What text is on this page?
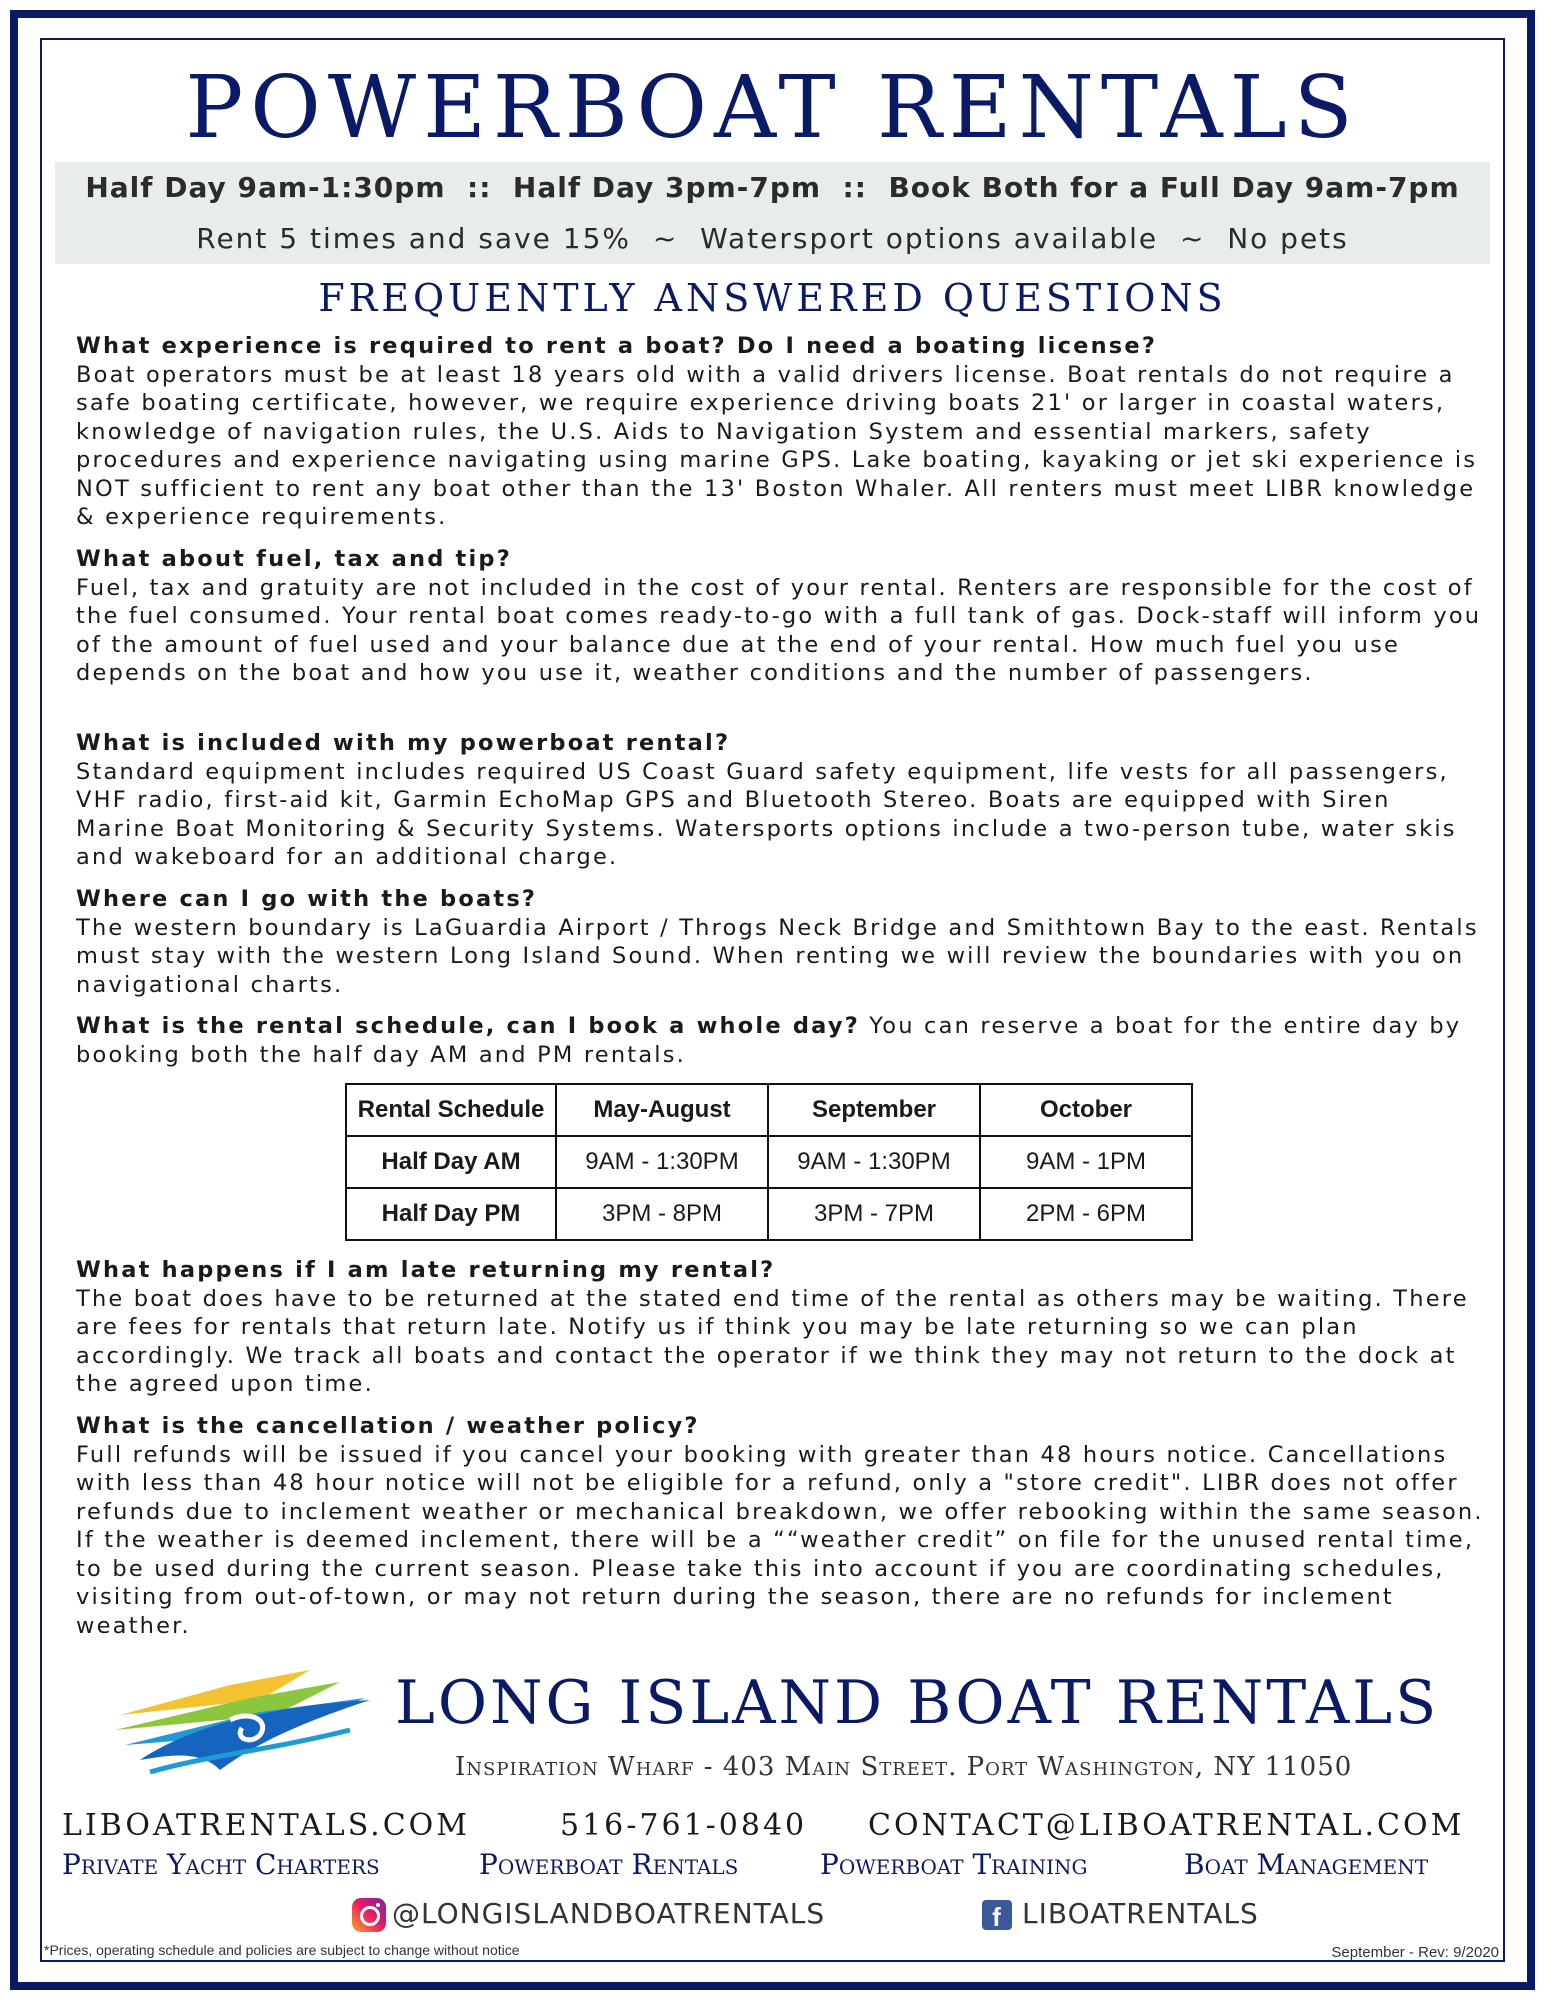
POWERBOAT RENTALS
Half Day 9am-1:30pm  ::  Half Day 3pm-7pm  ::  Book Both for a Full Day 9am-7pm
Rent 5 times and save 15%  ~  Watersport options available  ~  No pets
FREQUENTLY ANSWERED QUESTIONS
What experience is required to rent a boat? Do I need a boating license?
Boat operators must be at least 18 years old with a valid drivers license. Boat rentals do not require a safe boating certificate, however, we require experience driving boats 21' or larger in coastal waters, knowledge of navigation rules, the U.S. Aids to Navigation System and essential markers, safety procedures and experience navigating using marine GPS. Lake boating, kayaking or jet ski experience is NOT sufficient to rent any boat other than the 13' Boston Whaler. All renters must meet LIBR knowledge & experience requirements.
What about fuel, tax and tip?
Fuel, tax and gratuity are not included in the cost of your rental. Renters are responsible for the cost of the fuel consumed. Your rental boat comes ready-to-go with a full tank of gas. Dock-staff will inform you of the amount of fuel used and your balance due at the end of your rental. How much fuel you use depends on the boat and how you use it, weather conditions and the number of passengers.
What is included with my powerboat rental?
Standard equipment includes required US Coast Guard safety equipment, life vests for all passengers, VHF radio, first-aid kit, Garmin EchoMap GPS and Bluetooth Stereo. Boats are equipped with Siren Marine Boat Monitoring & Security Systems. Watersports options include a two-person tube, water skis and wakeboard for an additional charge.
Where can I go with the boats?
The western boundary is LaGuardia Airport / Throgs Neck Bridge and Smithtown Bay to the east. Rentals must stay with the western Long Island Sound. When renting we will review the boundaries with you on navigational charts.
What is the rental schedule, can I book a whole day? You can reserve a boat for the entire day by booking both the half day AM and PM rentals.
Rental Schedule	May-August	September	October
Half Day AM	9AM - 1:30PM	9AM - 1:30PM	9AM - 1PM
Half Day PM	3PM - 8PM	3PM - 7PM	2PM - 6PM
What happens if I am late returning my rental?
The boat does have to be returned at the stated end time of the rental as others may be waiting. There are fees for rentals that return late. Notify us if think you may be late returning so we can plan accordingly. We track all boats and contact the operator if we think they may not return to the dock at the agreed upon time.
What is the cancellation / weather policy?
Full refunds will be issued if you cancel your booking with greater than 48 hours notice. Cancellations with less than 48 hour notice will not be eligible for a refund, only a "store credit". LIBR does not offer refunds due to inclement weather or mechanical breakdown, we offer rebooking within the same season. If the weather is deemed inclement, there will be a ““weather credit” on file for the unused rental time, to be used during the current season. Please take this into account if you are coordinating schedules, visiting from out-of-town, or may not return during the season, there are no refunds for inclement weather.
LONG ISLAND BOAT RENTALS
Inspiration Wharf - 403 Main Street. Port Washington, NY 11050
LIBOATRENTALS.COM	516-761-0840 CONTACT@LIBOATRENTAL.COM
Private Yacht Charters	Powerboat Rentals	Powerboat Training	Boat Management
@LONGISLANDBOATRENTALS	f LIBOATRENTALS
*Prices, operating schedule and policies are subject to change without notice	September - Rev: 9/2020
